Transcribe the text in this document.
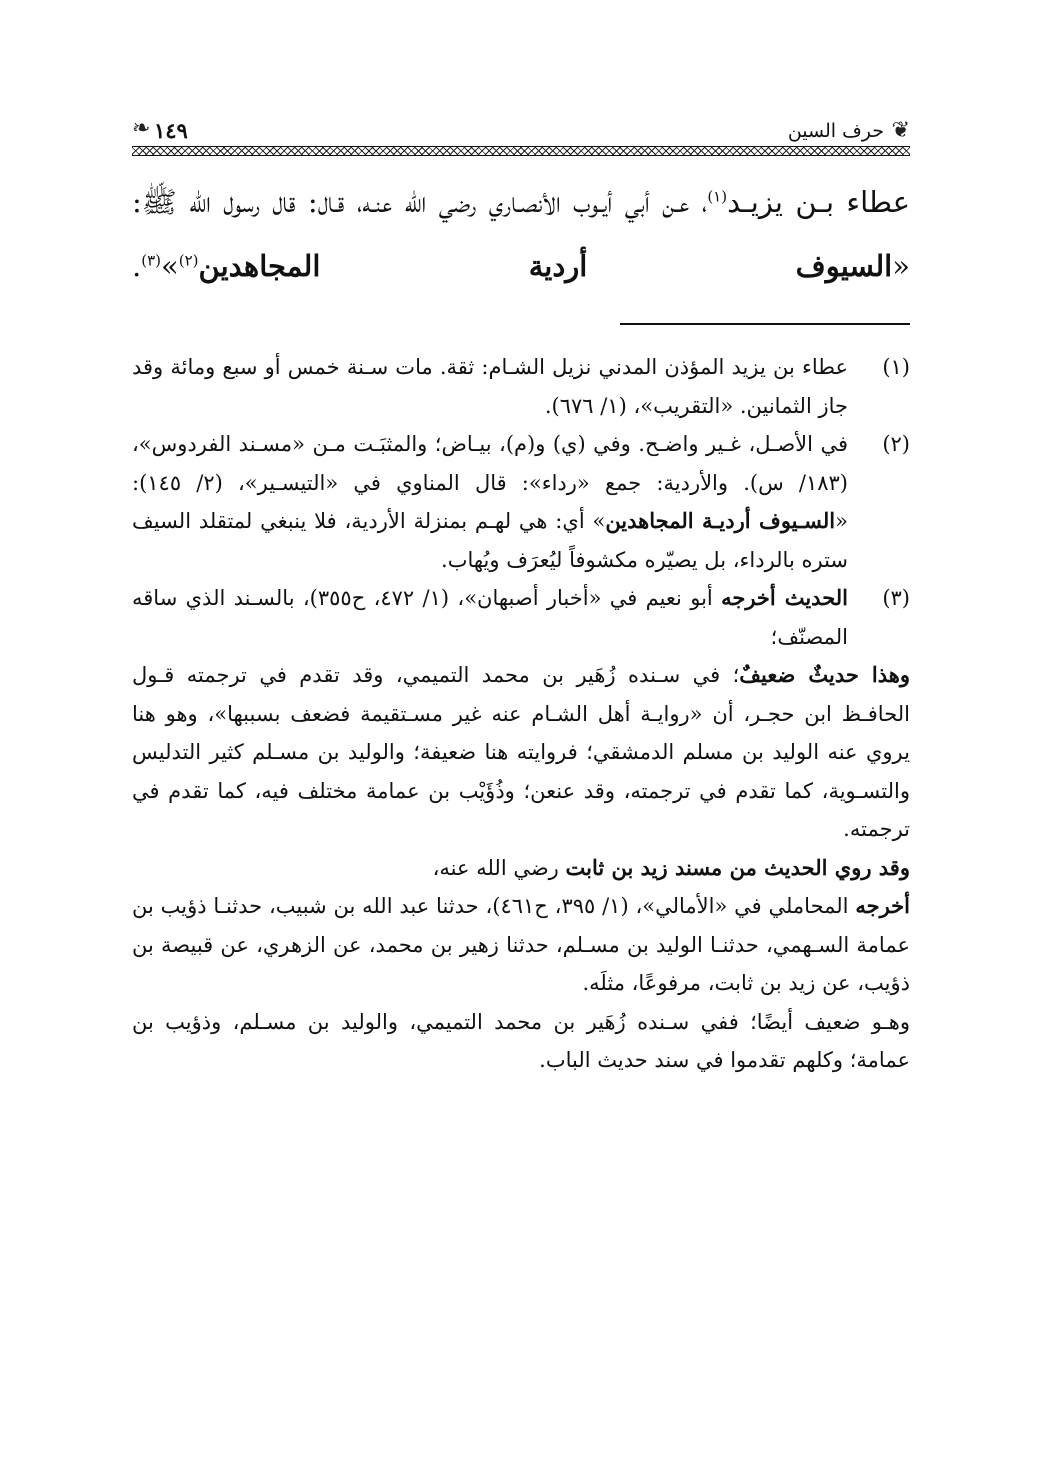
❦
حرف السين
١٤٩
❧

عطاء بـن يزيـد$^{(١)}$، عـن أبي أيـوب الأنصـاري رضي الله عنـه، قـال: قال رسول الله ﷺ: «السيوف أردية المجاهدين$^{(٢)}$»$^{(٣)}$.

(١)
عطاء بن يزيد المؤذن المدني نزيل الشـام: ثقة. مات سـنة خمس أو سبع ومائة وقد جاز الثمانين. «التقريب»، (١/ ٦٧٦).
(٢)
في الأصـل، غـير واضـح. وفي (ي) و(م)، بيـاض؛ والمثبَـت مـن «مسـند الفردوس»، (١٨٣/ س). والأردية: جمع «رداء»: قال المناوي في «التيسـير»، (٢/ ١٤٥): «السـيوف أرديـة المجاهدين» أي: هي لهـم بمنزلة الأردية، فلا ينبغي لمتقلد السيف ستره بالرداء، بل يصيّره مكشوفاً ليُعرَف ويُهاب.
(٣)
الحديث أخرجه أبو نعيم في «أخبار أصبهان»، (١/ ٤٧٢، ح٣٥٥)، بالسـند الذي ساقه المصنّف؛

وهذا حديثٌ ضعيفٌ؛ في سـنده زُهَير بن محمد التميمي، وقد تقدم في ترجمته قـول الحافـظ ابن حجـر، أن «روايـة أهل الشـام عنه غير مسـتقيمة فضعف بسببها»، وهو هنا يروي عنه الوليد بن مسلم الدمشقي؛ فروايته هنا ضعيفة؛ والوليد بن مسـلم كثير التدليس والتسـوية، كما تقدم في ترجمته، وقد عنعن؛ وذُؤَيْب بن عمامة مختلف فيه، كما تقدم في ترجمته.

وقد روي الحديث من مسند زيد بن ثابت رضي الله عنه،

أخرجه المحاملي في «الأمالي»، (١/ ٣٩٥، ح٤٦١)، حدثنا عبد الله بن شبيب، حدثنـا ذؤيب بن عمامة السـهمي، حدثنـا الوليد بن مسـلم، حدثنا زهير بن محمد، عن الزهري، عن قبيصة بن ذؤيب، عن زيد بن ثابت، مرفوعًا، مثلَه.

وهـو ضعيف أيضًا؛ ففي سـنده زُهَير بن محمد التميمي، والوليد بن مسـلم، وذؤيب بن عمامة؛ وكلهم تقدموا في سند حديث الباب.
